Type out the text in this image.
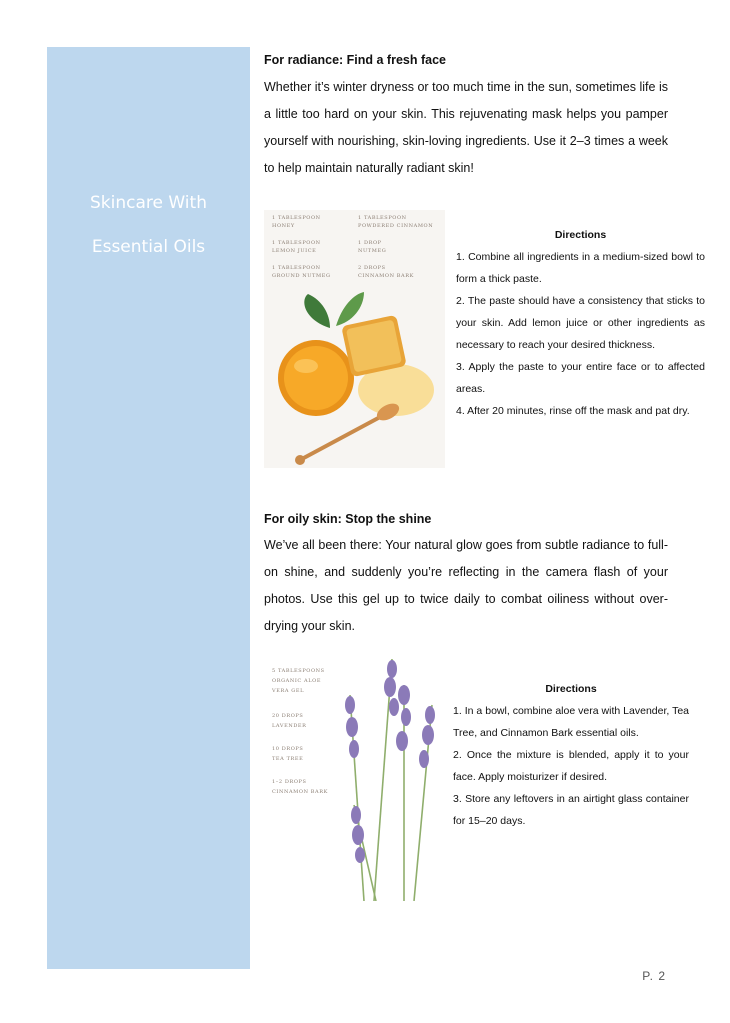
Skincare With
Essential Oils
For radiance: Find a fresh face

Whether it’s winter dryness or too much time in the sun, sometimes life is a little too hard on your skin. This rejuvenating mask helps you pamper yourself with nourishing, skin-loving ingredients. Use it 2–3 times a week to help maintain naturally radiant skin!

1 TABLESPOON
HONEY
1 TABLESPOON
POWDERED CINNAMON
1 TABLESPOON
LEMON JUICE
1 DROP
NUTMEG
1 TABLESPOON
GROUND NUTMEG
2 DROPS
CINNAMON BARK
Directions

1. Combine all ingredients in a medium-sized bowl to form a thick paste.

2. The paste should have a consistency that sticks to your skin. Add lemon juice or other ingredients as necessary to reach your desired thickness.

3. Apply the paste to your entire face or to affected areas.

4. After 20 minutes, rinse off the mask and pat dry.

For oily skin: Stop the shine

We’ve all been there: Your natural glow goes from subtle radiance to full-on shine, and suddenly you’re reflecting in the camera flash of your photos. Use this gel up to twice daily to combat oiliness without over-drying your skin.

5 TABLESPOONS
ORGANIC ALOE
VERA GEL
20 DROPS
LAVENDER
10 DROPS
TEA TREE
1–2 DROPS
CINNAMON BARK
Directions

1. In a bowl, combine aloe vera with Lavender, Tea Tree, and Cinnamon Bark essential oils.

2. Once the mixture is blended, apply it to your face. Apply moisturizer if desired.

3. Store any leftovers in an airtight glass container for 15–20 days.

P. 2
